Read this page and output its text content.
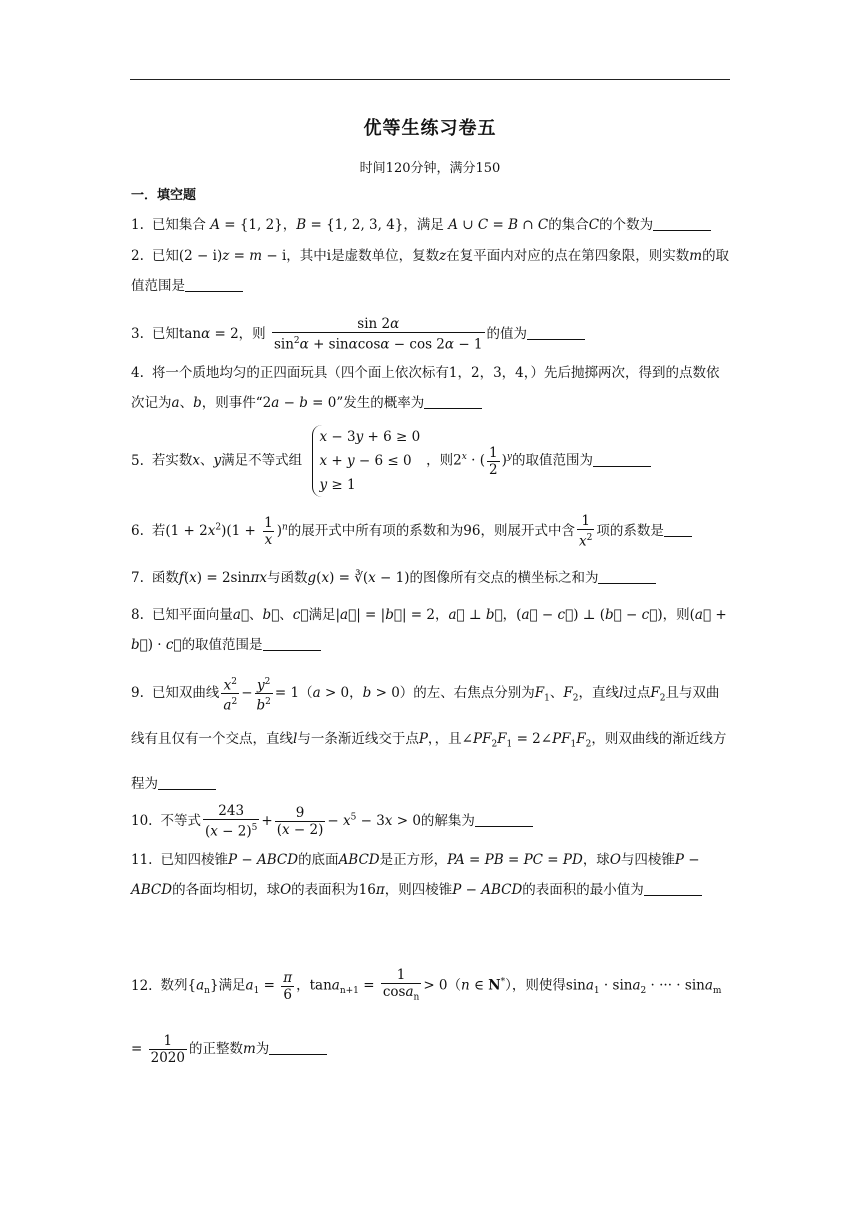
优等生练习卷五
时间120分钟，满分150
一．填空题
1. 已知集合 A = {1, 2}，B = {1, 2, 3, 4}，满足 A ∪ C = B ∩ C的集合C的个数为
2. 已知(2 − i)z = m − i，其中i是虚数单位，复数z在复平面内对应的点在第四象限，则实数m的取值范围是
3. 已知tanα = 2，则 $\frac{\sin 2\alpha}{\sin^2\alpha + \sin\alpha\cos\alpha - \cos 2\alpha - 1}$ 的值为
4. 将一个质地均匀的正四面玩具（四个面上依次标有1，2，3，4，）先后抛掷两次，得到的点数依次记为a、b，则事件“2a − b = 0”发生的概率为
5. 若实数x、y满足不等式组
x − 3y + 6 ≥ 0
x + y − 6 ≤ 0
y ≥ 1
，则$2^x$ · ( $\frac{1}{2} )^y$的取值范围为
6. 若$(1 + 2x^2)(1 + \frac{1}{x} )^n$的展开式中所有项的系数和为96，则展开式中含 $\frac{1}{x^2}$ 项的系数是
7. 函数f(x) = 2sinπx与函数g(x) = ∛(x − 1)的图像所有交点的横坐标之和为
8. 已知平面向量a⃗、b⃗、c⃗满足|a⃗| = |b⃗| = 2，a⃗ ⊥ b⃗，(a⃗ − c⃗) ⊥ (b⃗ − c⃗)，则(a⃗ + b⃗) · c⃗的取值范围是
9. 已知双曲线 $\frac{x^2}{a^2} - \frac{y^2}{b^2} = 1(a > 0$，b > 0）的左、右焦点分别为$F_1$、$F_2$，直线l过点$F_2$且与双曲线有且仅有一个交点，直线l与一条渐近线交于点P，，且$\angle PF_2F_1$ = $2\angle PF_1F_2$，则双曲线的渐近线方程为
10. 不等式 $\frac{243}{(x - 2)^5} + \frac{9}{(x - 2)} - x^5 - 3x > 0$的解集为
11. 已知四棱锥P − ABCD的底面ABCD是正方形，PA = PB = PC = PD，球O与四棱锥P − ABCD的各面均相切，球O的表面积为16π，则四棱锥P − ABCD的表面积的最小值为
12. 数列$\{a_n\}$满足$a_1 = \frac{\pi}{6}$ ，$\tan a_{n+1} = \frac{1}{\cos a_n} > 0(n$ ∈ N*），则使得sina$_1$ · sina$_2$ · ··· · $\sin a_m = \frac{1}{2020}$ 的正整数m为
